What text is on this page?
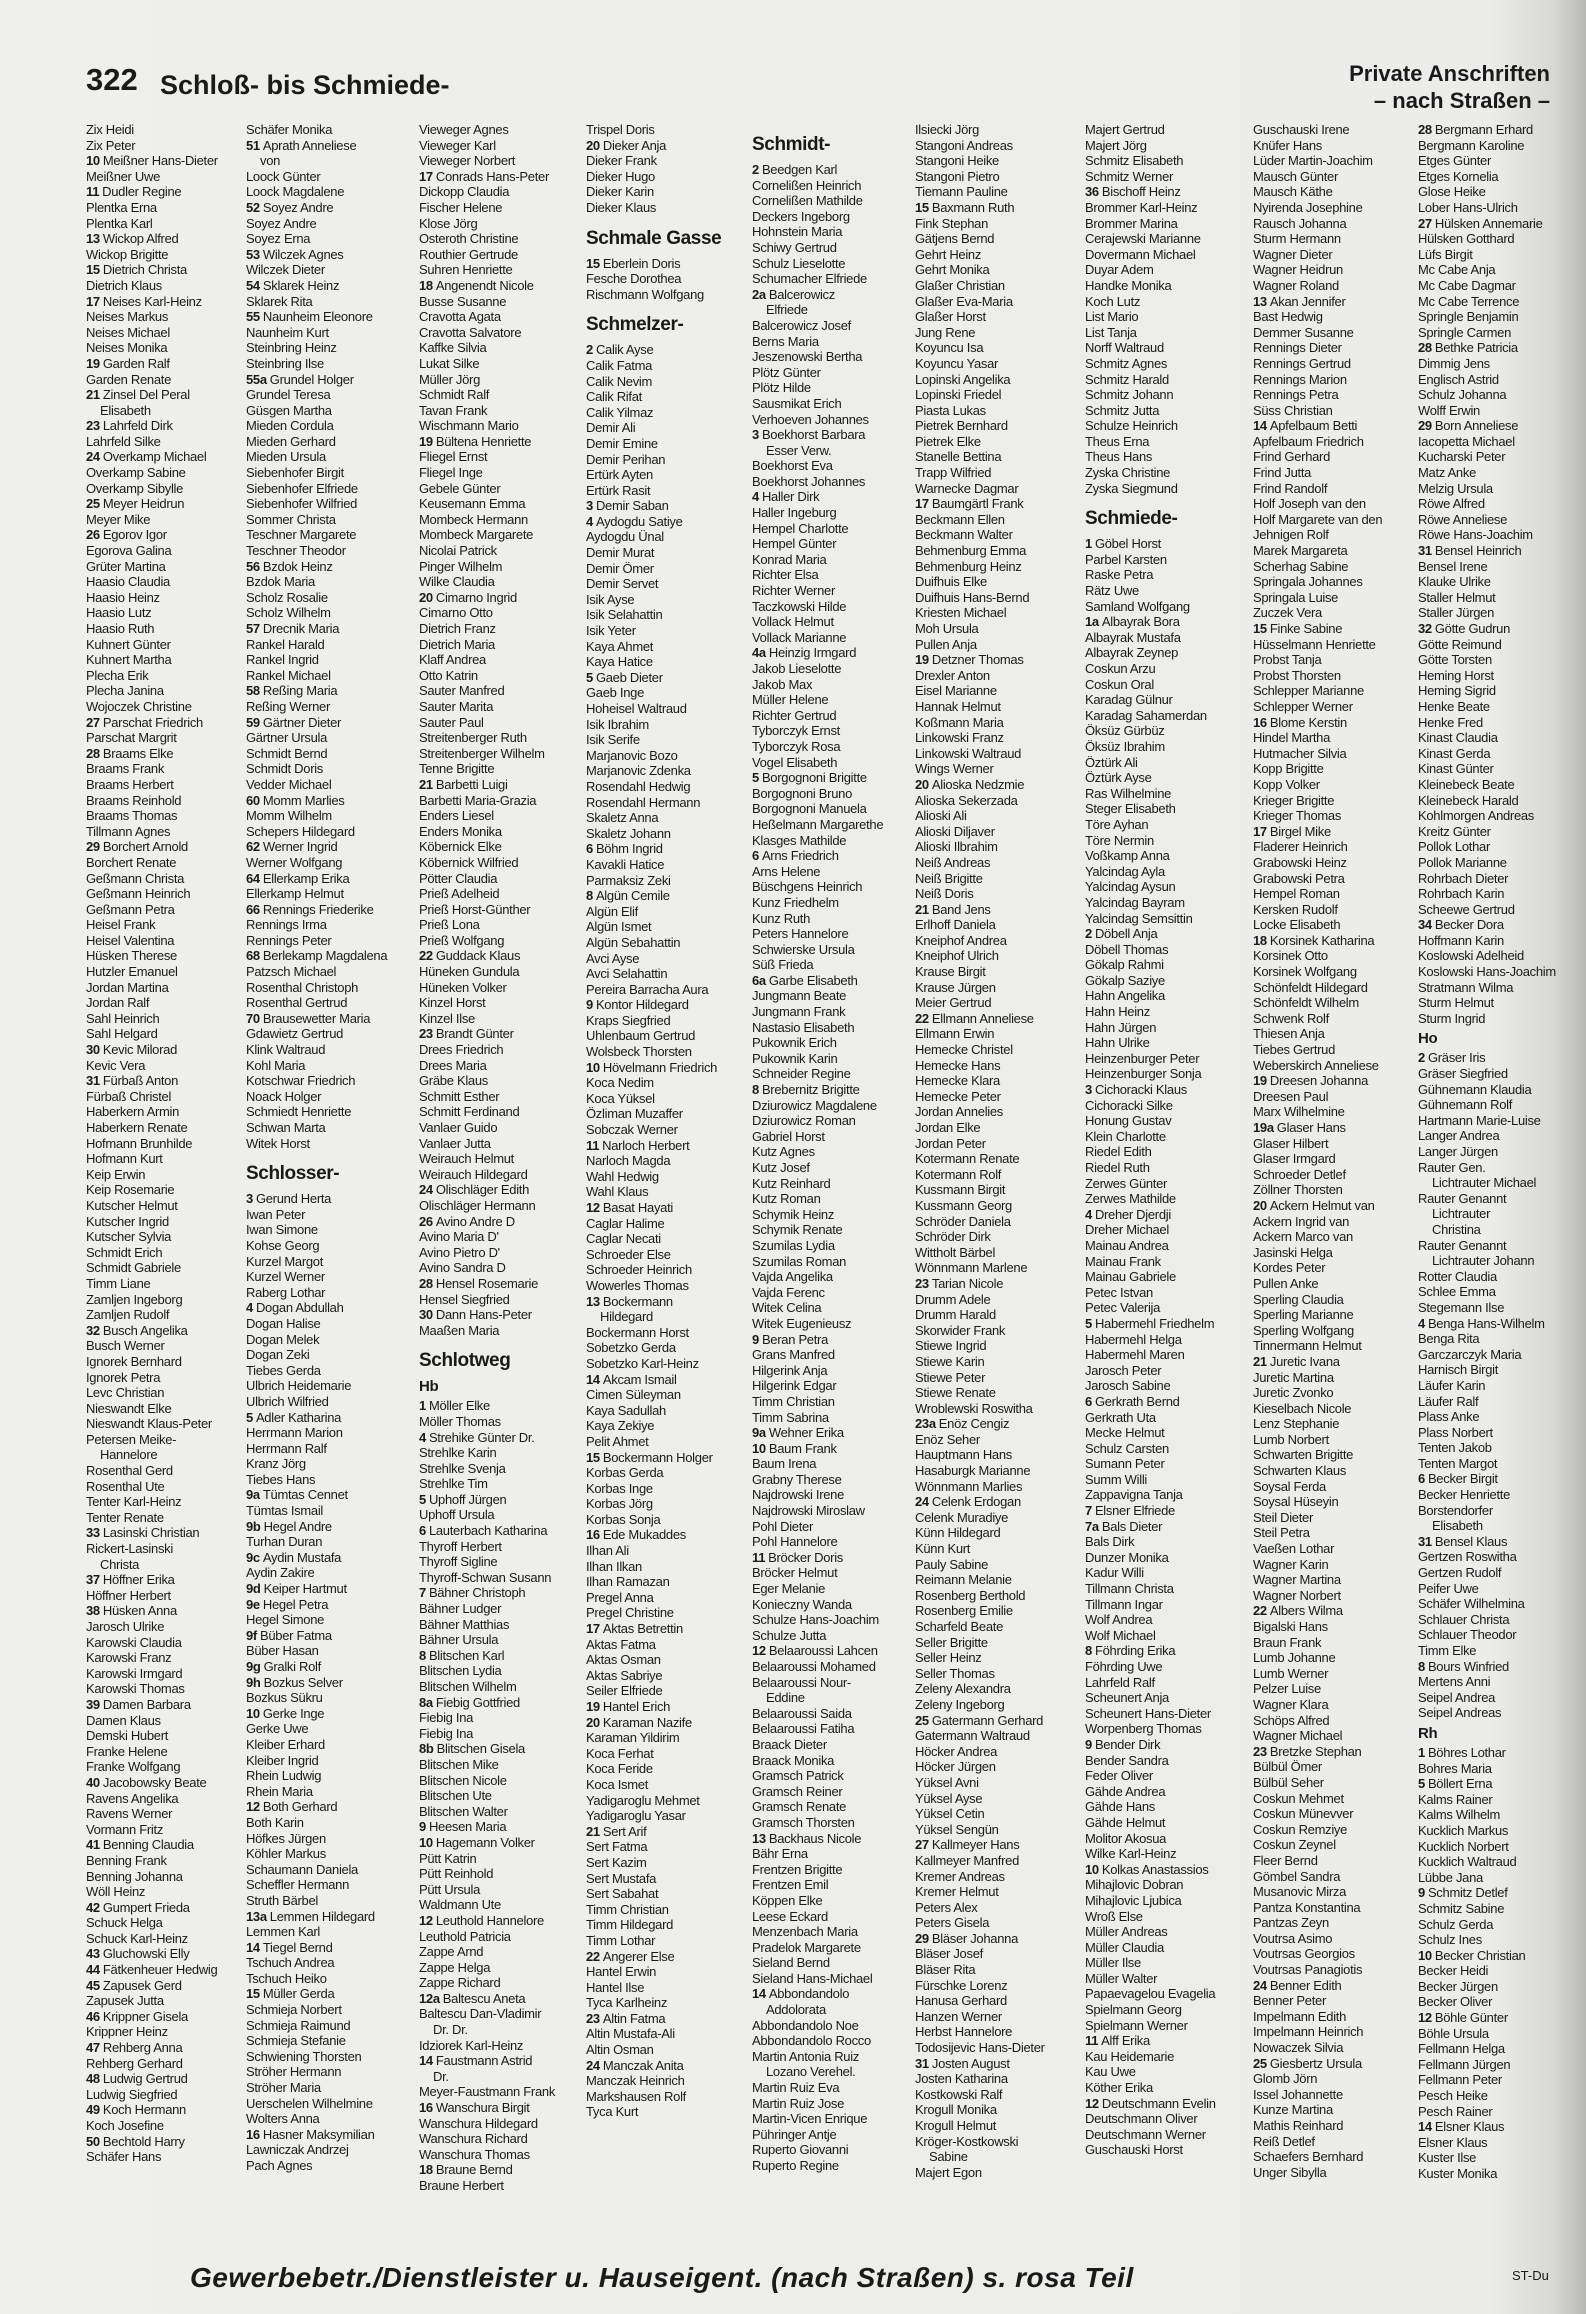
322 Schloß- bis Schmiede-	Private Anschriften
– nach Straßen –
Zix Heidi
Zix Peter
10 Meißner Hans-Dieter
Meißner Uwe
11 Dudler Regine
Plentka Erna
Plentka Karl
13 Wickop Alfred
Wickop Brigitte
15 Dietrich Christa
Dietrich Klaus
17 Neises Karl-Heinz
Neises Markus
Neises Michael
Neises Monika
19 Garden Ralf
Garden Renate
21 Zinsel Del Peral
Elisabeth
23 Lahrfeld Dirk
Lahrfeld Silke
24 Overkamp Michael
Overkamp Sabine
Overkamp Sibylle
25 Meyer Heidrun
Meyer Mike
26 Egorov Igor
Egorova Galina
Grüter Martina
Haasio Claudia
Haasio Heinz
Haasio Lutz
Haasio Ruth
Kuhnert Günter
Kuhnert Martha
Plecha Erik
Plecha Janina
Wojoczek Christine
27 Parschat Friedrich
Parschat Margrit
28 Braams Elke
Braams Frank
Braams Herbert
Braams Reinhold
Braams Thomas
Tillmann Agnes
29 Borchert Arnold
Borchert Renate
Geßmann Christa
Geßmann Heinrich
Geßmann Petra
Heisel Frank
Heisel Valentina
Hüsken Therese
Hutzler Emanuel
Jordan Martina
Jordan Ralf
Sahl Heinrich
Sahl Helgard
30 Kevic Milorad
Kevic Vera
31 Fürbaß Anton
Fürbaß Christel
Haberkern Armin
Haberkern Renate
Hofmann Brunhilde
Hofmann Kurt
Keip Erwin
Keip Rosemarie
Kutscher Helmut
Kutscher Ingrid
Kutscher Sylvia
Schmidt Erich
Schmidt Gabriele
Timm Liane
Zamljen Ingeborg
Zamljen Rudolf
32 Busch Angelika
Busch Werner
Ignorek Bernhard
Ignorek Petra
Levc Christian
Nieswandt Elke
Nieswandt Klaus-Peter
Petersen Meike-
Hannelore
Rosenthal Gerd
Rosenthal Ute
Tenter Karl-Heinz
Tenter Renate
33 Lasinski Christian
Rickert-Lasinski
Christa
37 Höffner Erika
Höffner Herbert
38 Hüsken Anna
Jarosch Ulrike
Karowski Claudia
Karowski Franz
Karowski Irmgard
Karowski Thomas
39 Damen Barbara
Damen Klaus
Demski Hubert
Franke Helene
Franke Wolfgang
40 Jacobowsky Beate
Ravens Angelika
Ravens Werner
Vormann Fritz
41 Benning Claudia
Benning Frank
Benning Johanna
Wöll Heinz
42 Gumpert Frieda
Schuck Helga
Schuck Karl-Heinz
43 Gluchowski Elly
44 Fätkenheuer Hedwig
45 Zapusek Gerd
Zapusek Jutta
46 Krippner Gisela
Krippner Heinz
47 Rehberg Anna
Rehberg Gerhard
48 Ludwig Gertrud
Ludwig Siegfried
49 Koch Hermann
Koch Josefine
50 Bechtold Harry
Schäfer Hans
Schäfer Monika
51 Aprath Anneliese
von
Loock Günter
Loock Magdalene
52 Soyez Andre
Soyez Andre
Soyez Erna
53 Wilczek Agnes
Wilczek Dieter
54 Sklarek Heinz
Sklarek Rita
55 Naunheim Eleonore
Naunheim Kurt
Steinbring Heinz
Steinbring Ilse
55a Grundel Holger
Grundel Teresa
Güsgen Martha
Mieden Cordula
Mieden Gerhard
Mieden Ursula
Siebenhofer Birgit
Siebenhofer Elfriede
Siebenhofer Wilfried
Sommer Christa
Teschner Margarete
Teschner Theodor
56 Bzdok Heinz
Bzdok Maria
Scholz Rosalie
Scholz Wilhelm
57 Drecnik Maria
Rankel Harald
Rankel Ingrid
Rankel Michael
58 Reßing Maria
Reßing Werner
59 Gärtner Dieter
Gärtner Ursula
Schmidt Bernd
Schmidt Doris
Vedder Michael
60 Momm Marlies
Momm Wilhelm
Schepers Hildegard
62 Werner Ingrid
Werner Wolfgang
64 Ellerkamp Erika
Ellerkamp Helmut
66 Rennings Friederike
Rennings Irma
Rennings Peter
68 Berlekamp Magdalena
Patzsch Michael
Rosenthal Christoph
Rosenthal Gertrud
70 Brausewetter Maria
Gdawietz Gertrud
Klink Waltraud
Kohl Maria
Kotschwar Friedrich
Noack Holger
Schmiedt Henriette
Schwan Marta
Witek Horst
Schlosser-
3 Gerund Herta
Iwan Peter
Iwan Simone
Kohse Georg
Kurzel Margot
Kurzel Werner
Raberg Lothar
4 Dogan Abdullah
Dogan Halise
Dogan Melek
Dogan Zeki
Tiebes Gerda
Ulbrich Heidemarie
Ulbrich Wilfried
5 Adler Katharina
Herrmann Marion
Herrmann Ralf
Kranz Jörg
Tiebes Hans
9a Tümtas Cennet
Tümtas Ismail
9b Hegel Andre
Turhan Duran
9c Aydin Mustafa
Aydin Zakire
9d Keiper Hartmut
9e Hegel Petra
Hegel Simone
9f Büber Fatma
Büber Hasan
9g Gralki Rolf
9h Bozkus Selver
Bozkus Sükru
10 Gerke Inge
Gerke Uwe
Kleiber Erhard
Kleiber Ingrid
Rhein Ludwig
Rhein Maria
12 Both Gerhard
Both Karin
Höfkes Jürgen
Köhler Markus
Schaumann Daniela
Scheffler Hermann
Struth Bärbel
13a Lemmen Hildegard
Lemmen Karl
14 Tiegel Bernd
Tschuch Andrea
Tschuch Heiko
15 Müller Gerda
Schmieja Norbert
Schmieja Raimund
Schmieja Stefanie
Schwiening Thorsten
Ströher Hermann
Ströher Maria
Uerschelen Wilhelmine
Wolters Anna
16 Hasner Maksymilian
Lawniczak Andrzej
Pach Agnes
Vieweger Agnes
Vieweger Karl
Vieweger Norbert
17 Conrads Hans-Peter
Dickopp Claudia
Fischer Helene
Klose Jörg
Osteroth Christine
Routhier Gertrude
Suhren Henriette
18 Angenendt Nicole
Busse Susanne
Cravotta Agata
Cravotta Salvatore
Kaffke Silvia
Lukat Silke
Müller Jörg
Schmidt Ralf
Tavan Frank
Wischmann Mario
19 Bültena Henriette
Fliegel Ernst
Fliegel Inge
Gebele Günter
Keusemann Emma
Mombeck Hermann
Mombeck Margarete
Nicolai Patrick
Pinger Wilhelm
Wilke Claudia
20 Cimarno Ingrid
Cimarno Otto
Dietrich Franz
Dietrich Maria
Klaff Andrea
Otto Katrin
Sauter Manfred
Sauter Marita
Sauter Paul
Streitenberger Ruth
Streitenberger Wilhelm
Tenne Brigitte
21 Barbetti Luigi
Barbetti Maria-Grazia
Enders Liesel
Enders Monika
Köbernick Elke
Köbernick Wilfried
Pötter Claudia
Prieß Adelheid
Prieß Horst-Günther
Prieß Lona
Prieß Wolfgang
22 Guddack Klaus
Hüneken Gundula
Hüneken Volker
Kinzel Horst
Kinzel Ilse
23 Brandt Günter
Drees Friedrich
Drees Maria
Gräbe Klaus
Schmitt Esther
Schmitt Ferdinand
Vanlaer Guido
Vanlaer Jutta
Weirauch Helmut
Weirauch Hildegard
24 Olischläger Edith
Olischläger Hermann
26 Avino Andre D
Avino Maria D'
Avino Pietro D'
Avino Sandra D
28 Hensel Rosemarie
Hensel Siegfried
30 Dann Hans-Peter
Maaßen Maria
Schlotweg
Hb
1 Möller Elke
Möller Thomas
4 Strehike Günter Dr.
Strehlke Karin
Strehlke Svenja
Strehlke Tim
5 Uphoff Jürgen
Uphoff Ursula
6 Lauterbach Katharina
Thyroff Herbert
Thyroff Sigline
Thyroff-Schwan Susann
7 Bähner Christoph
Bähner Ludger
Bähner Matthias
Bähner Ursula
8 Blitschen Karl
Blitschen Lydia
Blitschen Wilhelm
8a Fiebig Gottfried
Fiebig Ina
Fiebig Ina
8b Blitschen Gisela
Blitschen Mike
Blitschen Nicole
Blitschen Ute
Blitschen Walter
9 Heesen Maria
10 Hagemann Volker
Pütt Katrin
Pütt Reinhold
Pütt Ursula
Waldmann Ute
12 Leuthold Hannelore
Leuthold Patricia
Zappe Arnd
Zappe Helga
Zappe Richard
12a Baltescu Aneta
Baltescu Dan-Vladimir
Dr. Dr.
Idziorek Karl-Heinz
14 Faustmann Astrid
Dr.
Meyer-Faustmann Frank
16 Wanschura Birgit
Wanschura Hildegard
Wanschura Richard
Wanschura Thomas
18 Braune Bernd
Braune Herbert
Trispel Doris
20 Dieker Anja
Dieker Frank
Dieker Hugo
Dieker Karin
Dieker Klaus
Schmale Gasse
15 Eberlein Doris
Fesche Dorothea
Rischmann Wolfgang
Schmelzer-
2 Calik Ayse
Calik Fatma
Calik Nevim
Calik Rifat
Calik Yilmaz
Demir Ali
Demir Emine
Demir Perihan
Ertürk Ayten
Ertürk Rasit
3 Demir Saban
4 Aydogdu Satiye
Aydogdu Ünal
Demir Murat
Demir Ömer
Demir Servet
Isik Ayse
Isik Selahattin
Isik Yeter
Kaya Ahmet
Kaya Hatice
5 Gaeb Dieter
Gaeb Inge
Hoheisel Waltraud
Isik Ibrahim
Isik Serife
Marjanovic Bozo
Marjanovic Zdenka
Rosendahl Hedwig
Rosendahl Hermann
Skaletz Anna
Skaletz Johann
6 Böhm Ingrid
Kavakli Hatice
Parmaksiz Zeki
8 Algün Cemile
Algün Elif
Algün Ismet
Algün Sebahattin
Avci Ayse
Avci Selahattin
Pereira Barracha Aura
9 Kontor Hildegard
Kraps Siegfried
Uhlenbaum Gertrud
Wolsbeck Thorsten
10 Hövelmann Friedrich
Koca Nedim
Koca Yüksel
Özliman Muzaffer
Sobczak Werner
11 Narloch Herbert
Narloch Magda
Wahl Hedwig
Wahl Klaus
12 Basat Hayati
Caglar Halime
Caglar Necati
Schroeder Else
Schroeder Heinrich
Wowerles Thomas
13 Bockermann
Hildegard
Bockermann Horst
Sobetzko Gerda
Sobetzko Karl-Heinz
14 Akcam Ismail
Cimen Süleyman
Kaya Sadullah
Kaya Zekiye
Pelit Ahmet
15 Bockermann Holger
Korbas Gerda
Korbas Inge
Korbas Jörg
Korbas Sonja
16 Ede Mukaddes
Ilhan Ali
Ilhan Ilkan
Ilhan Ramazan
Pregel Anna
Pregel Christine
17 Aktas Betrettin
Aktas Fatma
Aktas Osman
Aktas Sabriye
Seiler Elfriede
19 Hantel Erich
20 Karaman Nazife
Karaman Yildirim
Koca Ferhat
Koca Feride
Koca Ismet
Yadigaroglu Mehmet
Yadigaroglu Yasar
21 Sert Arif
Sert Fatma
Sert Kazim
Sert Mustafa
Sert Sabahat
Timm Christian
Timm Hildegard
Timm Lothar
22 Angerer Else
Hantel Erwin
Hantel Ilse
Tyca Karlheinz
23 Altin Fatma
Altin Mustafa-Ali
Altin Osman
24 Manczak Anita
Manczak Heinrich
Markshausen Rolf
Tyca Kurt
Schmidt-
2 Beedgen Karl
Cornelißen Heinrich
Cornelißen Mathilde
Deckers Ingeborg
Hohnstein Maria
Schiwy Gertrud
Schulz Lieselotte
Schumacher Elfriede
2a Balcerowicz
Elfriede
Balcerowicz Josef
Berns Maria
Jeszenowski Bertha
Plötz Günter
Plötz Hilde
Sausmikat Erich
Verhoeven Johannes
3 Boekhorst Barbara
Esser Verw.
Boekhorst Eva
Boekhorst Johannes
4 Haller Dirk
Haller Ingeburg
Hempel Charlotte
Hempel Günter
Konrad Maria
Richter Elsa
Richter Werner
Taczkowski Hilde
Vollack Helmut
Vollack Marianne
4a Heinzig Irmgard
Jakob Lieselotte
Jakob Max
Müller Helene
Richter Gertrud
Tyborczyk Ernst
Tyborczyk Rosa
Vogel Elisabeth
5 Borgognoni Brigitte
Borgognoni Bruno
Borgognoni Manuela
Heßelmann Margarethe
Klasges Mathilde
6 Arns Friedrich
Arns Helene
Büschgens Heinrich
Kunz Friedhelm
Kunz Ruth
Peters Hannelore
Schwierske Ursula
Süß Frieda
6a Garbe Elisabeth
Jungmann Beate
Jungmann Frank
Nastasio Elisabeth
Pukownik Erich
Pukownik Karin
Schneider Regine
8 Brebernitz Brigitte
Dziurowicz Magdalene
Dziurowicz Roman
Gabriel Horst
Kutz Agnes
Kutz Josef
Kutz Reinhard
Kutz Roman
Schymik Heinz
Schymik Renate
Szumilas Lydia
Szumilas Roman
Vajda Angelika
Vajda Ferenc
Witek Celina
Witek Eugenieusz
9 Beran Petra
Grans Manfred
Hilgerink Anja
Hilgerink Edgar
Timm Christian
Timm Sabrina
9a Wehner Erika
10 Baum Frank
Baum Irena
Grabny Therese
Najdrowski Irene
Najdrowski Miroslaw
Pohl Dieter
Pohl Hannelore
11 Bröcker Doris
Bröcker Helmut
Eger Melanie
Konieczny Wanda
Schulze Hans-Joachim
Schulze Jutta
12 Belaaroussi Lahcen
Belaaroussi Mohamed
Belaaroussi Nour-
Eddine
Belaaroussi Saida
Belaaroussi Fatiha
Braack Dieter
Braack Monika
Gramsch Patrick
Gramsch Reiner
Gramsch Renate
Gramsch Thorsten
13 Backhaus Nicole
Bähr Erna
Frentzen Brigitte
Frentzen Emil
Köppen Elke
Leese Eckard
Menzenbach Maria
Pradelok Margarete
Sieland Bernd
Sieland Hans-Michael
14 Abbondandolo
Addolorata
Abbondandolo Noe
Abbondandolo Rocco
Martin Antonia Ruiz
Lozano Verehel.
Martin Ruiz Eva
Martin Ruiz Jose
Martin-Vicen Enrique
Pühringer Antje
Ruperto Giovanni
Ruperto Regine
Ilsiecki Jörg
Stangoni Andreas
Stangoni Heike
Stangoni Pietro
Tiemann Pauline
15 Baxmann Ruth
Fink Stephan
Gätjens Bernd
Gehrt Heinz
Gehrt Monika
Glaßer Christian
Glaßer Eva-Maria
Glaßer Horst
Jung Rene
Koyuncu Isa
Koyuncu Yasar
Lopinski Angelika
Lopinski Friedel
Piasta Lukas
Pietrek Bernhard
Pietrek Elke
Stanelle Bettina
Trapp Wilfried
Warnecke Dagmar
17 Baumgärtl Frank
Beckmann Ellen
Beckmann Walter
Behmenburg Emma
Behmenburg Heinz
Duifhuis Elke
Duifhuis Hans-Bernd
Kriesten Michael
Moh Ursula
Pullen Anja
19 Detzner Thomas
Drexler Anton
Eisel Marianne
Hannak Helmut
Koßmann Maria
Linkowski Franz
Linkowski Waltraud
Wings Werner
20 Alioska Nedzmie
Alioska Sekerzada
Alioski Ali
Alioski Diljaver
Alioski Ilbrahim
Neiß Andreas
Neiß Brigitte
Neiß Doris
21 Band Jens
Erlhoff Daniela
Kneiphof Andrea
Kneiphof Ulrich
Krause Birgit
Krause Jürgen
Meier Gertrud
22 Ellmann Anneliese
Ellmann Erwin
Hemecke Christel
Hemecke Hans
Hemecke Klara
Hemecke Peter
Jordan Annelies
Jordan Elke
Jordan Peter
Kotermann Renate
Kotermann Rolf
Kussmann Birgit
Kussmann Georg
Schröder Daniela
Schröder Dirk
Wittholt Bärbel
Wönnmann Marlene
23 Tarian Nicole
Drumm Adele
Drumm Harald
Skorwider Frank
Stiewe Ingrid
Stiewe Karin
Stiewe Peter
Stiewe Renate
Wroblewski Roswitha
23a Enöz Cengiz
Enöz Seher
Hauptmann Hans
Hasaburgk Marianne
Wönnmann Marlies
24 Celenk Erdogan
Celenk Muradiye
Künn Hildegard
Künn Kurt
Pauly Sabine
Reimann Melanie
Rosenberg Berthold
Rosenberg Emilie
Scharfeld Beate
Seller Brigitte
Seller Heinz
Seller Thomas
Zeleny Alexandra
Zeleny Ingeborg
25 Gatermann Gerhard
Gatermann Waltraud
Höcker Andrea
Höcker Jürgen
Yüksel Avni
Yüksel Ayse
Yüksel Cetin
Yüksel Sengün
27 Kallmeyer Hans
Kallmeyer Manfred
Kremer Andreas
Kremer Helmut
Peters Alex
Peters Gisela
29 Bläser Johanna
Bläser Josef
Bläser Rita
Fürschke Lorenz
Hanusa Gerhard
Hanzen Werner
Herbst Hannelore
Todosijevic Hans-Dieter
31 Josten August
Josten Katharina
Kostkowski Ralf
Krogull Monika
Krogull Helmut
Kröger-Kostkowski
Sabine
Majert Egon
Majert Gertrud
Majert Jörg
Schmitz Elisabeth
Schmitz Werner
36 Bischoff Heinz
Brommer Karl-Heinz
Brommer Marina
Cerajewski Marianne
Dovermann Michael
Duyar Adem
Handke Monika
Koch Lutz
List Mario
List Tanja
Norff Waltraud
Schmitz Agnes
Schmitz Harald
Schmitz Johann
Schmitz Jutta
Schulze Heinrich
Theus Erna
Theus Hans
Zyska Christine
Zyska Siegmund
Schmiede-
1 Göbel Horst
Parbel Karsten
Raske Petra
Rätz Uwe
Samland Wolfgang
1a Albayrak Bora
Albayrak Mustafa
Albayrak Zeynep
Coskun Arzu
Coskun Oral
Karadag Gülnur
Karadag Sahamerdan
Öksüz Gürbüz
Öksüz Ibrahim
Öztürk Ali
Öztürk Ayse
Ras Wilhelmine
Steger Elisabeth
Töre Ayhan
Töre Nermin
Voßkamp Anna
Yalcindag Ayla
Yalcindag Aysun
Yalcindag Bayram
Yalcindag Semsittin
2 Döbell Anja
Döbell Thomas
Gökalp Rahmi
Gökalp Saziye
Hahn Angelika
Hahn Heinz
Hahn Jürgen
Hahn Ulrike
Heinzenburger Peter
Heinzenburger Sonja
3 Cichoracki Klaus
Cichoracki Silke
Honung Gustav
Klein Charlotte
Riedel Edith
Riedel Ruth
Zerwes Günter
Zerwes Mathilde
4 Dreher Djerdji
Dreher Michael
Mainau Andrea
Mainau Frank
Mainau Gabriele
Petec Istvan
Petec Valerija
5 Habermehl Friedhelm
Habermehl Helga
Habermehl Maren
Jarosch Peter
Jarosch Sabine
6 Gerkrath Bernd
Gerkrath Uta
Mecke Helmut
Schulz Carsten
Sumann Peter
Summ Willi
Zappavigna Tanja
7 Elsner Elfriede
7a Bals Dieter
Bals Dirk
Dunzer Monika
Kadur Willi
Tillmann Christa
Tillmann Ingar
Wolf Andrea
Wolf Michael
8 Föhrding Erika
Föhrding Uwe
Lahrfeld Ralf
Scheunert Anja
Scheunert Hans-Dieter
Worpenberg Thomas
9 Bender Dirk
Bender Sandra
Feder Oliver
Gähde Andrea
Gähde Hans
Gähde Helmut
Molitor Akosua
Wilke Karl-Heinz
10 Kolkas Anastassios
Mihajlovic Dobran
Mihajlovic Ljubica
Wroß Else
Müller Andreas
Müller Claudia
Müller Ilse
Müller Walter
Papaevagelou Evagelia
Spielmann Georg
Spielmann Werner
11 Alff Erika
Kau Heidemarie
Kau Uwe
Köther Erika
12 Deutschmann Evelin
Deutschmann Oliver
Deutschmann Werner
Guschauski Horst
Guschauski Irene
Knüfer Hans
Lüder Martin-Joachim
Mausch Günter
Mausch Käthe
Nyirenda Josephine
Rausch Johanna
Sturm Hermann
Wagner Dieter
Wagner Heidrun
Wagner Roland
13 Akan Jennifer
Bast Hedwig
Demmer Susanne
Rennings Dieter
Rennings Gertrud
Rennings Marion
Rennings Petra
Süss Christian
14 Apfelbaum Betti
Apfelbaum Friedrich
Frind Gerhard
Frind Jutta
Frind Randolf
Holf Joseph van den
Holf Margarete van den
Jehnigen Rolf
Marek Margareta
Scherhag Sabine
Springala Johannes
Springala Luise
Zuczek Vera
15 Finke Sabine
Hüsselmann Henriette
Probst Tanja
Probst Thorsten
Schlepper Marianne
Schlepper Werner
16 Blome Kerstin
Hindel Martha
Hutmacher Silvia
Kopp Brigitte
Kopp Volker
Krieger Brigitte
Krieger Thomas
17 Birgel Mike
Fladerer Heinrich
Grabowski Heinz
Grabowski Petra
Hempel Roman
Kersken Rudolf
Locke Elisabeth
18 Korsinek Katharina
Korsinek Otto
Korsinek Wolfgang
Schönfeldt Hildegard
Schönfeldt Wilhelm
Schwenk Rolf
Thiesen Anja
Tiebes Gertrud
Weberskirch Anneliese
19 Dreesen Johanna
Dreesen Paul
Marx Wilhelmine
19a Glaser Hans
Glaser Hilbert
Glaser Irmgard
Schroeder Detlef
Zöllner Thorsten
20 Ackern Helmut van
Ackern Ingrid van
Ackern Marco van
Jasinski Helga
Kordes Peter
Pullen Anke
Sperling Claudia
Sperling Marianne
Sperling Wolfgang
Tinnermann Helmut
21 Juretic Ivana
Juretic Martina
Juretic Zvonko
Kieselbach Nicole
Lenz Stephanie
Lumb Norbert
Schwarten Brigitte
Schwarten Klaus
Soysal Ferda
Soysal Hüseyin
Steil Dieter
Steil Petra
Vaeßen Lothar
Wagner Karin
Wagner Martina
Wagner Norbert
22 Albers Wilma
Bigalski Hans
Braun Frank
Lumb Johanne
Lumb Werner
Pelzer Luise
Wagner Klara
Schöps Alfred
Wagner Michael
23 Bretzke Stephan
Bülbül Ömer
Bülbül Seher
Coskun Mehmet
Coskun Münevver
Coskun Remziye
Coskun Zeynel
Fleer Bernd
Gömbel Sandra
Musanovic Mirza
Pantza Konstantina
Pantzas Zeyn
Voutrsa Asimo
Voutrsas Georgios
Voutrsas Panagiotis
24 Benner Edith
Benner Peter
Impelmann Edith
Impelmann Heinrich
Nowaczek Silvia
25 Giesbertz Ursula
Glomb Jörn
Issel Johannette
Kunze Martina
Mathis Reinhard
Reiß Detlef
Schaefers Bernhard
Unger Sibylla
28 Bergmann Erhard
Bergmann Karoline
Etges Günter
Etges Kornelia
Glose Heike
Lober Hans-Ulrich
27 Hülsken Annemarie
Hülsken Gotthard
Lüfs Birgit
Mc Cabe Anja
Mc Cabe Dagmar
Mc Cabe Terrence
Springle Benjamin
Springle Carmen
28 Bethke Patricia
Dimmig Jens
Englisch Astrid
Schulz Johanna
Wolff Erwin
29 Born Anneliese
Iacopetta Michael
Kucharski Peter
Matz Anke
Melzig Ursula
Röwe Alfred
Röwe Anneliese
Röwe Hans-Joachim
31 Bensel Heinrich
Bensel Irene
Klauke Ulrike
Staller Helmut
Staller Jürgen
32 Götte Gudrun
Götte Reimund
Götte Torsten
Heming Horst
Heming Sigrid
Henke Beate
Henke Fred
Kinast Claudia
Kinast Gerda
Kinast Günter
Kleinebeck Beate
Kleinebeck Harald
Kohlmorgen Andreas
Kreitz Günter
Pollok Lothar
Pollok Marianne
Rohrbach Dieter
Rohrbach Karin
Scheewe Gertrud
34 Becker Dora
Hoffmann Karin
Koslowski Adelheid
Koslowski Hans-Joachim
Stratmann Wilma
Sturm Helmut
Sturm Ingrid
Ho
2 Gräser Iris
Gräser Siegfried
Gühnemann Klaudia
Gühnemann Rolf
Hartmann Marie-Luise
Langer Andrea
Langer Jürgen
Rauter Gen.
Lichtrauter Michael
Rauter Genannt
Lichtrauter
Christina
Rauter Genannt
Lichtrauter Johann
Rotter Claudia
Schlee Emma
Stegemann Ilse
4 Benga Hans-Wilhelm
Benga Rita
Garczarczyk Maria
Harnisch Birgit
Läufer Karin
Läufer Ralf
Plass Anke
Plass Norbert
Tenten Jakob
Tenten Margot
6 Becker Birgit
Becker Henriette
Borstendorfer
Elisabeth
31 Bensel Klaus
Gertzen Roswitha
Gertzen Rudolf
Peifer Uwe
Schäfer Wilhelmina
Schlauer Christa
Schlauer Theodor
Timm Elke
8 Bours Winfried
Mertens Anni
Seipel Andrea
Seipel Andreas
Rh
1 Böhres Lothar
Bohres Maria
5 Böllert Erna
Kalms Rainer
Kalms Wilhelm
Kucklich Markus
Kucklich Norbert
Kucklich Waltraud
Lübbe Jana
9 Schmitz Detlef
Schmitz Sabine
Schulz Gerda
Schulz Ines
10 Becker Christian
Becker Heidi
Becker Jürgen
Becker Oliver
12 Böhle Günter
Böhle Ursula
Fellmann Helga
Fellmann Jürgen
Fellmann Peter
Pesch Heike
Pesch Rainer
14 Elsner Klaus
Elsner Klaus
Kuster Ilse
Kuster Monika
Gewerbebetr./Dienstleister u. Hauseigent. (nach Straßen) s. rosa Teil	ST-Du
